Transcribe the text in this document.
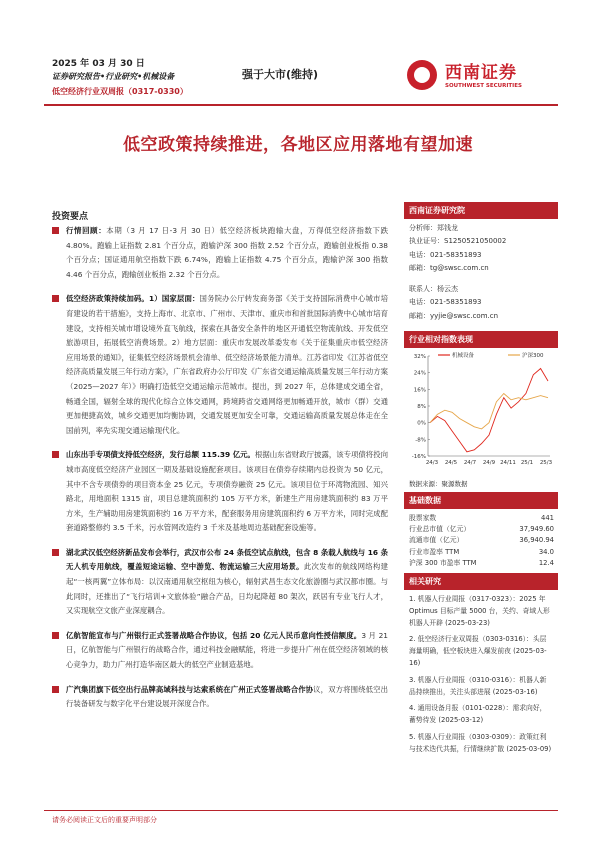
2025 年 03 月 30 日
证券研究报告•行业研究•机械设备
低空经济行业双周报（0317-0330）
强于大市(维持)	西南证券
SOUTHWEST SECURITIES
低空政策持续推进，各地区应用落地有望加速
投资要点
行情回顾：本期（3 月 17 日-3 月 30 日）低空经济板块跑输大盘，万得低空经济指数下跌 4.80%。跑输上证指数 2.81 个百分点，跑输沪深 300 指数 2.52 个百分点，跑输创业板指 0.38 个百分点；国证通用航空指数下跌 6.74%，跑输上证指数 4.75 个百分点，跑输沪深 300 指数 4.46 个百分点，跑输创业板指 2.32 个百分点。
低空经济政策持续加码。1）国家层面：国务院办公厅转发商务部《关于支持国际消费中心城市培育建设的若干措施》，支持上海市、北京市、广州市、天津市、重庆市和首批国际消费中心城市培育建设，支持相关城市增设境外直飞航线，探索在具备安全条件的地区开通低空物流航线、开发低空旅游项目，拓展低空消费场景。2）地方层面：重庆市发展改革委发布《关于征集重庆市低空经济应用场景的通知》，征集低空经济场景机会清单、低空经济场景能力清单。江苏省印发《江苏省低空经济高质量发展三年行动方案》，广东省政府办公厅印发《广东省交通运输高质量发展三年行动方案（2025—2027 年）》明确打造低空交通运输示范城市。提出，到 2027 年，总体建成交通全省，畅通全国，辐射全球的现代化综合立体交通网，跨境跨省交通网络更加畅通开放，城市（群）交通更加便捷高效，城乡交通更加均衡协调，交通发展更加安全可靠，交通运输高质量发展总体走在全国前列，率先实现交通运输现代化。
山东出手专项债支持低空经济，发行总额 115.39 亿元。根据山东省财政厅披露，该专项债将投向城市高度低空经济产业园区一期及基础设施配套项目。该项目在债券存续期内总投资为 50 亿元，其中不含专项债券的项目资本金 25 亿元，专项债券融资 25 亿元。该项目位于环湾物流园、知兴路北，用地面积 1315 亩，项目总建筑面积约 105 万平方米，新建生产用房建筑面积约 83 万平方米，生产辅助用房建筑面积约 16 万平方米，配套服务用房建筑面积约 6 万平方米，同时完成配套道路整修约 3.5 千米，污水管网改造约 3 千米及基地周边基础配套设施等。
湖北武汉低空经济新品发布会举行，武汉市公布 24 条低空试点航线，包含 8 条载人航线与 16 条无人机专用航线，覆盖短途运输、空中游览、物流运输三大应用场景。此次发布的航线网络构建起“一核两翼”立体布局：以汉南通用航空枢纽为核心，辐射武昌生态文化旅游圈与武汉都市圈。与此同时，还推出了“飞行培训+文旅体验”融合产品，日均起降超 80 架次，跃居有专业飞行人才，又实现航空文旅产业深度耦合。
亿航智能宣布与广州银行正式签署战略合作协议，包括 20 亿元人民币意向性授信额度。3 月 21 日，亿航智能与广州银行的战略合作，通过科技金融赋能，将进一步提升广州在低空经济领域的核心竞争力，助力广州打造华南区最大的低空产业制造基地。
广汽集团旗下低空出行品牌高域科技与达索系统在广州正式签署战略合作协议，双方将围绕低空出行装备研发与数字化平台建设展开深度合作。
西南证券研究院
分析师：郑钱龙
执业证号：S1250521050002
电话：021-58351893
邮箱：tg@swsc.com.cn
联系人：杨云杰
电话：021-58351893
邮箱：yyjie@swsc.com.cn
行业相对指数表现
32%
24%
16%
8%
0%
-8%
-16%
24/3 24/5 24/7 24/9 24/11 25/1 25/3
机械设备	沪深300
数据来源：聚源数据
基础数据
股票家数	441
行业总市值（亿元）	37,949.60
流通市值（亿元）	36,940.94
行业市盈率 TTM	34.0
沪深 300 市盈率 TTM	12.4
相关研究
1. 机器人行业周报（0317-0323）：2025 年 Optimus 目标产量 5000 台，关约、奇域人形机器人开辟 (2025-03-23)
2. 低空经济行业双周报（0303-0316）：头层海量明确，低空板块进入爆发前夜 (2025-03-16)
3. 机器人行业周报（0310-0316）：机器人新品持续推出，关注头部进展 (2025-03-16)
4. 通用设备月报（0101-0228）：需求向好，蓄势待发 (2025-03-12)
5. 机器人行业周报（0303-0309）：政策红利与技术迭代共振，行情继续扩散 (2025-03-09)
请务必阅读正文后的重要声明部分
